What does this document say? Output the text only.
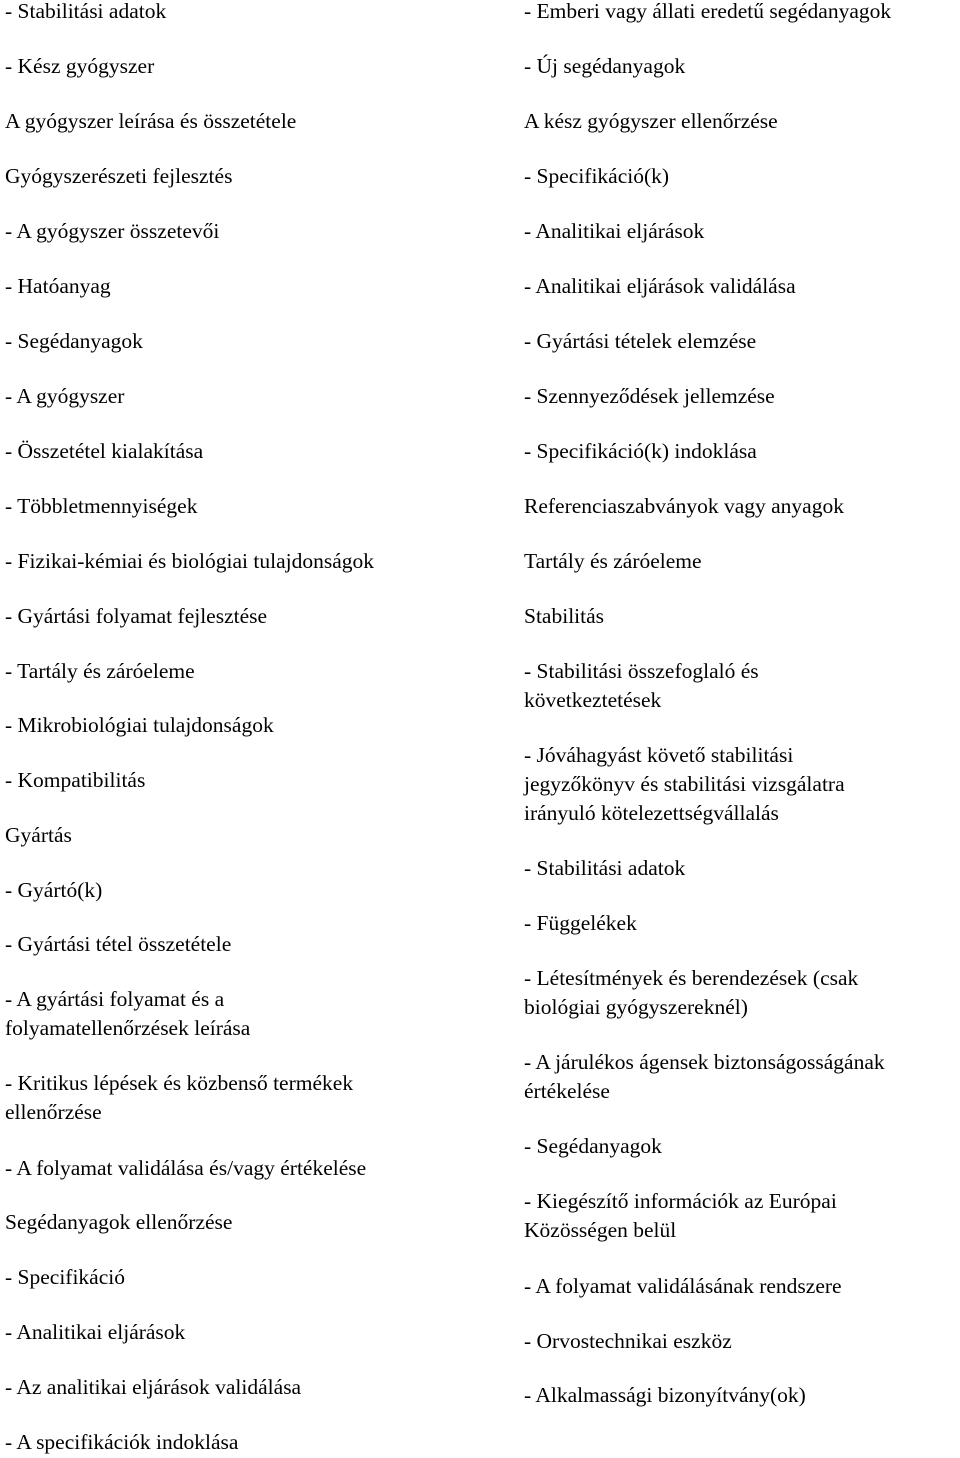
- Stabilitási adatok
- Kész gyógyszer
A gyógyszer leírása és összetétele
Gyógyszerészeti fejlesztés
- A gyógyszer összetevői
- Hatóanyag
- Segédanyagok
- A gyógyszer
- Összetétel kialakítása
- Többletmennyiségek
- Fizikai-kémiai és biológiai tulajdonságok
- Gyártási folyamat fejlesztése
- Tartály és záróeleme
- Mikrobiológiai tulajdonságok
- Kompatibilitás
Gyártás
- Gyártó(k)
- Gyártási tétel összetétele
- A gyártási folyamat és a
folyamatellenőrzések leírása
- Kritikus lépések és közbenső termékek
ellenőrzése
- A folyamat validálása és/vagy értékelése
Segédanyagok ellenőrzése
- Specifikáció
- Analitikai eljárások
- Az analitikai eljárások validálása
- A specifikációk indoklása
- Emberi vagy állati eredetű segédanyagok
- Új segédanyagok
A kész gyógyszer ellenőrzése
- Specifikáció(k)
- Analitikai eljárások
- Analitikai eljárások validálása
- Gyártási tételek elemzése
- Szennyeződések jellemzése
- Specifikáció(k) indoklása
Referenciaszabványok vagy anyagok
Tartály és záróeleme
Stabilitás
- Stabilitási összefoglaló és
következtetések
- Jóváhagyást követő stabilitási
jegyzőkönyv és stabilitási vizsgálatra
irányuló kötelezettségvállalás
- Stabilitási adatok
- Függelékek
- Létesítmények és berendezések (csak
biológiai gyógyszereknél)
- A járulékos ágensek biztonságosságának
értékelése
- Segédanyagok
- Kiegészítő információk az Európai
Közösségen belül
- A folyamat validálásának rendszere
- Orvostechnikai eszköz
- Alkalmassági bizonyítvány(ok)
